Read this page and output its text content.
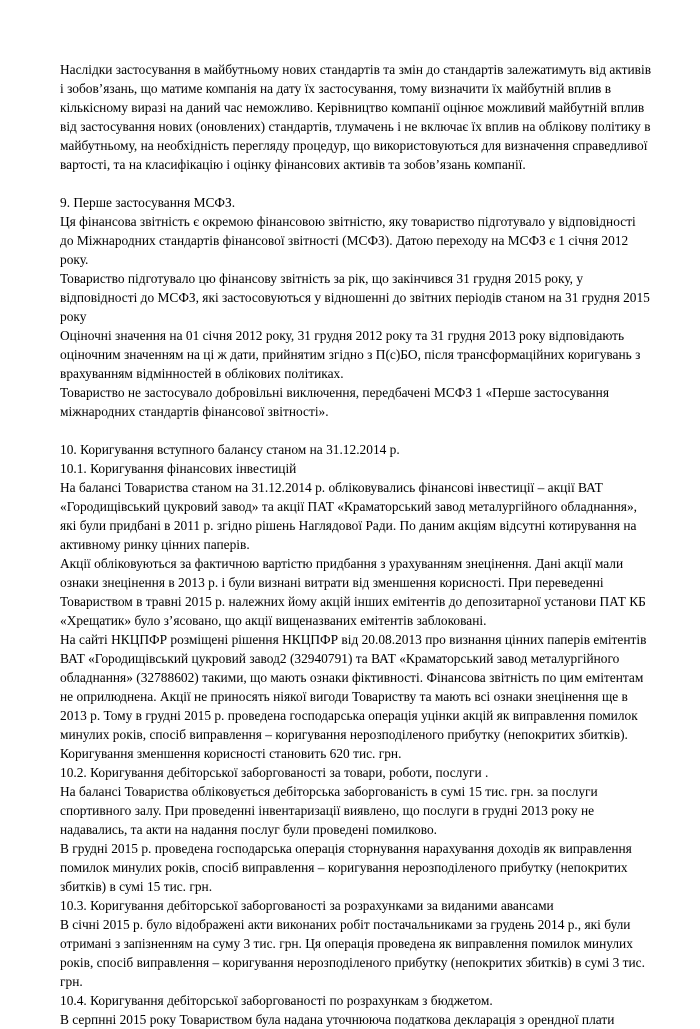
Наслідки застосування в майбутньому нових стандартів та змін до стандартів залежатимуть від активів і зобов’язань, що матиме компанія на дату їх застосування, тому визначити їх майбутній вплив в кількісному виразі на даний час неможливо. Керівництво компанії оцінює можливий майбутній вплив від застосування нових (оновлених) стандартів, тлумачень і не включає їх вплив на облікову політику в майбутньому, на необхідність перегляду процедур, що використовуються для визначення справедливої вартості, та на класифікацію і оцінку фінансових активів та зобов’язань компанії.

9. Перше застосування МСФЗ.

Ця фінансова звітність є окремою фінансовою звітністю, яку товариство підготувало у відповідності до Міжнародних стандартів фінансової звітності (МСФЗ). Датою переходу на МСФЗ є 1 січня 2012 року.

Товариство підготувало цю фінансову звітність за рік, що закінчився 31 грудня 2015 року, у відповідності до МСФЗ, які застосовуються у відношенні до звітних періодів станом на 31 грудня 2015 року

Оціночні значення на 01 січня 2012 року, 31 грудня 2012 року та 31 грудня 2013 року відповідають оціночним значенням на ці ж дати, прийнятим згідно з П(с)БО, після трансформаційних коригувань з врахуванням відмінностей в облікових політиках.

Товариство не застосувало добровільні виключення, передбачені МСФЗ 1 «Перше застосування міжнародних стандартів фінансової звітності».

10. Коригування вступного балансу станом на 31.12.2014 р.

10.1. Коригування фінансових інвестицій

На балансі Товариства станом на 31.12.2014 р. обліковувались фінансові інвестиції – акції ВАТ «Городищівський цукровий завод» та акції ПАТ «Краматорський завод металургійного обладнання», які були придбані в 2011 р. згідно рішень Наглядової Ради. По даним акціям відсутні котирування на активному ринку цінних паперів.

Акції обліковуються за фактичною вартістю придбання з урахуванням знецінення. Дані акції мали ознаки знецінення в 2013 р. і були визнані витрати від зменшення корисності. При переведенні Товариством в травні 2015 р. належних йому акцій інших емітентів до депозитарної установи ПАТ КБ «Хрещатик» було з’ясовано, що акції вищеназваних емітентів заблоковані.

На сайті НКЦПФР розміщені рішення НКЦПФР від 20.08.2013 про визнання цінних паперів емітентів ВАТ «Городищівський цукровий завод2 (32940791) та ВАТ «Краматорський завод металургійного обладнання» (32788602) такими, що мають ознаки фіктивності. Фінансова звітність по цим емітентам не оприлюднена. Акції не приносять ніякої вигоди Товариству та мають всі ознаки знецінення ще в 2013 р. Тому в грудні 2015 р. проведена господарська операція уцінки акцій як виправлення помилок минулих років, спосіб виправлення – коригування нерозподіленого прибутку (непокритих збитків). Коригування зменшення корисності становить 620 тис. грн.

10.2. Коригування дебіторської заборгованості за товари, роботи, послуги .

На балансі Товариства обліковується дебіторська заборгованість в сумі 15 тис. грн. за послуги спортивного залу. При проведенні інвентаризації виявлено, що послуги в грудні 2013 року не надавались, та акти на надання послуг були проведені помилково.

В грудні 2015 р. проведена господарська операція сторнування нарахування доходів як виправлення помилок минулих років, спосіб виправлення – коригування нерозподіленого прибутку (непокритих збитків) в сумі 15 тис. грн.

10.3. Коригування дебіторської заборгованості за розрахунками за виданими авансами

В січні 2015 р. було відображені акти виконаних робіт постачальниками за грудень 2014 р., які були отримані з запізненням на суму 3 тис. грн. Ця операція проведена як виправлення помилок минулих років, спосіб виправлення – коригування нерозподіленого прибутку (непокритих збитків) в сумі 3 тис. грн.

10.4. Коригування дебіторської заборгованості по розрахункам з бюджетом.

В серпнні 2015 року Товариством була надана уточнююча податкова декларація з орендної плати
